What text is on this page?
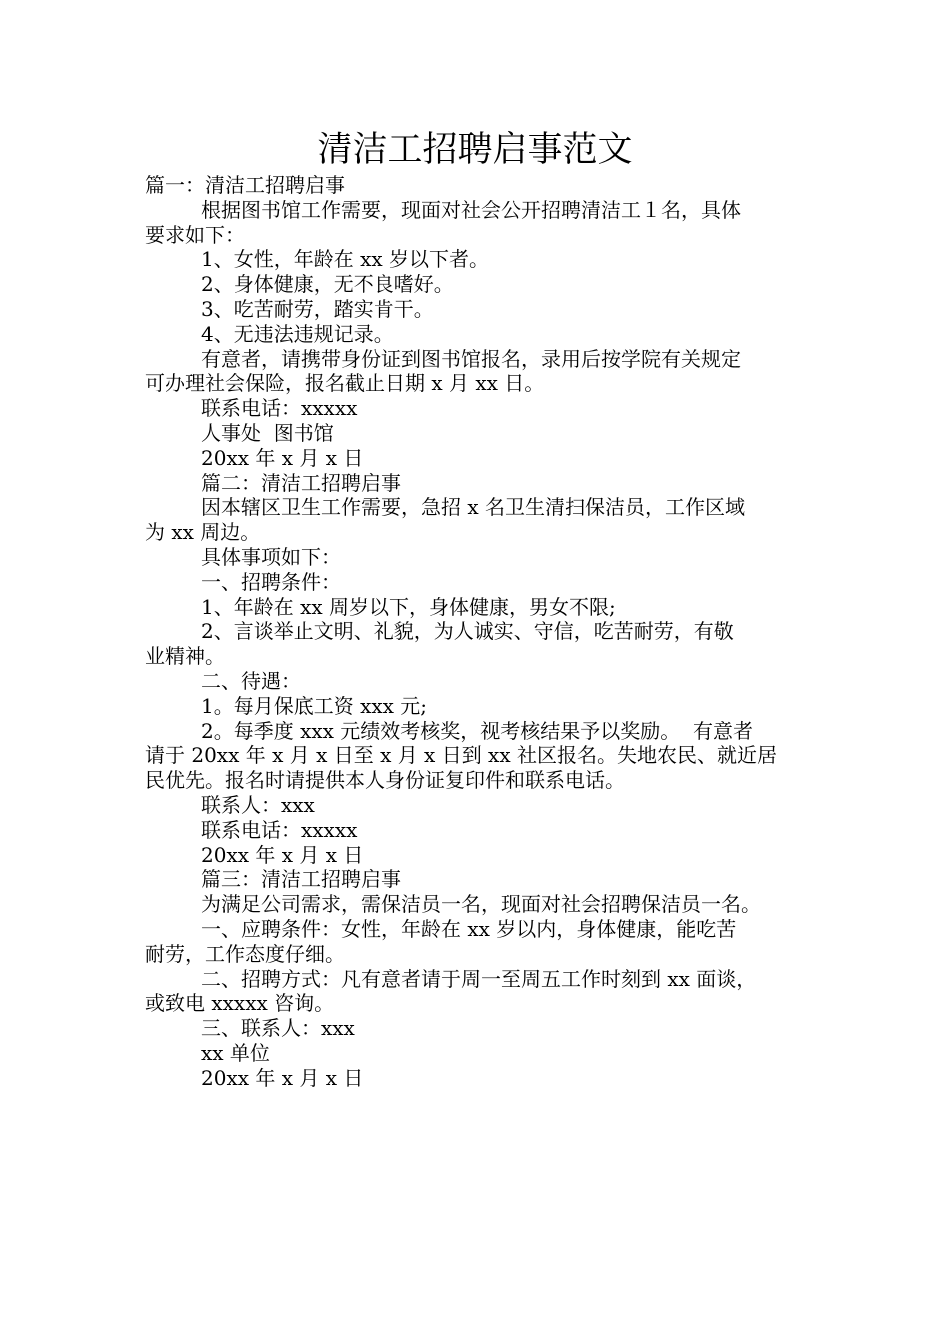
清洁工招聘启事范文

篇一：清洁工招聘启事

根据图书馆工作需要，现面对社会公开招聘清洁工１名，具体

要求如下：

1、女性，年龄在 xx 岁以下者。

2、身体健康，无不良嗜好。

3、吃苦耐劳，踏实肯干。

4、无违法违规记录。

有意者，请携带身份证到图书馆报名，录用后按学院有关规定

可办理社会保险，报名截止日期 x 月 xx 日。

联系电话：xxxxx

人事处  图书馆

20xx 年 x 月 x 日

篇二：清洁工招聘启事

因本辖区卫生工作需要，急招 x 名卫生清扫保洁员，工作区域

为 xx 周边。

具体事项如下：

一、招聘条件：

1、年龄在 xx 周岁以下，身体健康，男女不限;

2、言谈举止文明、礼貌，为人诚实、守信，吃苦耐劳，有敬

业精神。

二、待遇：

1。每月保底工资 xxx 元;

2。每季度 xxx 元绩效考核奖，视考核结果予以奖励。  有意者

请于 20xx 年 x 月 x 日至 x 月 x 日到 xx 社区报名。失地农民、就近居

民优先。报名时请提供本人身份证复印件和联系电话。

联系人：xxx

联系电话：xxxxx

20xx 年 x 月 x 日

篇三：清洁工招聘启事

为满足公司需求，需保洁员一名，现面对社会招聘保洁员一名。

一、应聘条件：女性，年龄在 xx 岁以内，身体健康，能吃苦

耐劳，工作态度仔细。

二、招聘方式：凡有意者请于周一至周五工作时刻到 xx 面谈，

或致电 xxxxx 咨询。

三、联系人：xxx

xx 单位

20xx 年 x 月 x 日
